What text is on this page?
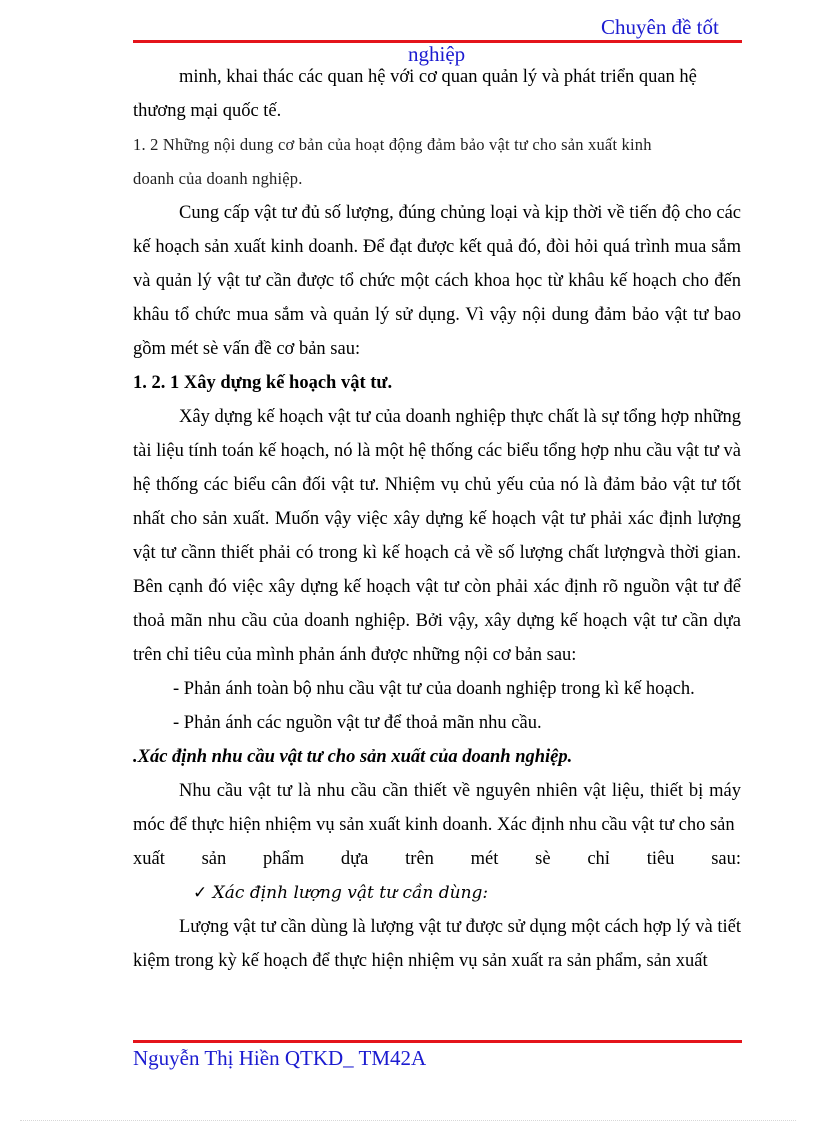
Chuyên đề tốt
nghiệp

minh, khai thác các quan hệ với cơ quan quản lý và phát triển quan hệ

thương mại quốc tế.

1. 2 Những nội dung cơ bản của hoạt động đảm bảo vật tư cho sản xuất kinh

doanh của doanh nghiệp.

Cung cấp vật tư đủ số lượng, đúng chủng loại và kịp thời về tiến độ cho các kế hoạch sản xuất kinh doanh. Để đạt được kết quả đó, đòi hỏi quá trình mua sắm và quản lý vật tư cần được tổ chức một cách khoa học từ khâu kế hoạch cho đến khâu tổ chức mua sắm và quản lý sử dụng. Vì vậy nội dung đảm bảo vật tư bao gồm mét sè vấn đề cơ bản sau:

1. 2. 1 Xây dựng kế hoạch vật tư.

Xây dựng kế hoạch vật tư của doanh nghiệp thực chất là sự tổng hợp những tài liệu tính toán kế hoạch, nó là một hệ thống các biểu tổng hợp nhu cầu vật tư và hệ thống các biểu cân đối vật tư. Nhiệm vụ chủ yếu của nó là đảm bảo vật tư tốt nhất cho sản xuất. Muốn vậy việc xây dựng kế hoạch vật tư phải xác định lượng vật tư cầnn thiết phải có trong kì kế hoạch cả về số lượng chất lượngvà thời gian. Bên cạnh đó việc xây dựng kế hoạch vật tư còn phải xác định rõ nguồn vật tư để thoả mãn nhu cầu của doanh nghiệp. Bởi vậy, xây dựng kế hoạch vật tư cần dựa trên chỉ tiêu của mình phản ánh được những nội cơ bản sau:

- Phản ánh toàn bộ nhu cầu vật tư của doanh nghiệp trong kì kế hoạch.

- Phản ánh các nguồn vật tư để thoả mãn nhu cầu.

.Xác định nhu cầu vật tư cho sản xuất của doanh nghiệp.

Nhu cầu vật tư là nhu cầu cần thiết về nguyên nhiên vật liệu, thiết bị máy móc để thực hiện nhiệm vụ sản xuất kinh doanh. Xác định nhu cầu vật tư cho sản

xuất sản phẩm dựa trên mét sè chỉ tiêu sau:

✓ Xác định lượng vật tư cần dùng:

Lượng vật tư cần dùng là lượng vật tư được sử dụng một cách hợp lý và tiết kiệm trong kỳ kế hoạch để thực hiện nhiệm vụ sản xuất ra sản phẩm, sản xuất

Nguyễn Thị Hiền QTKD_ TM42A
